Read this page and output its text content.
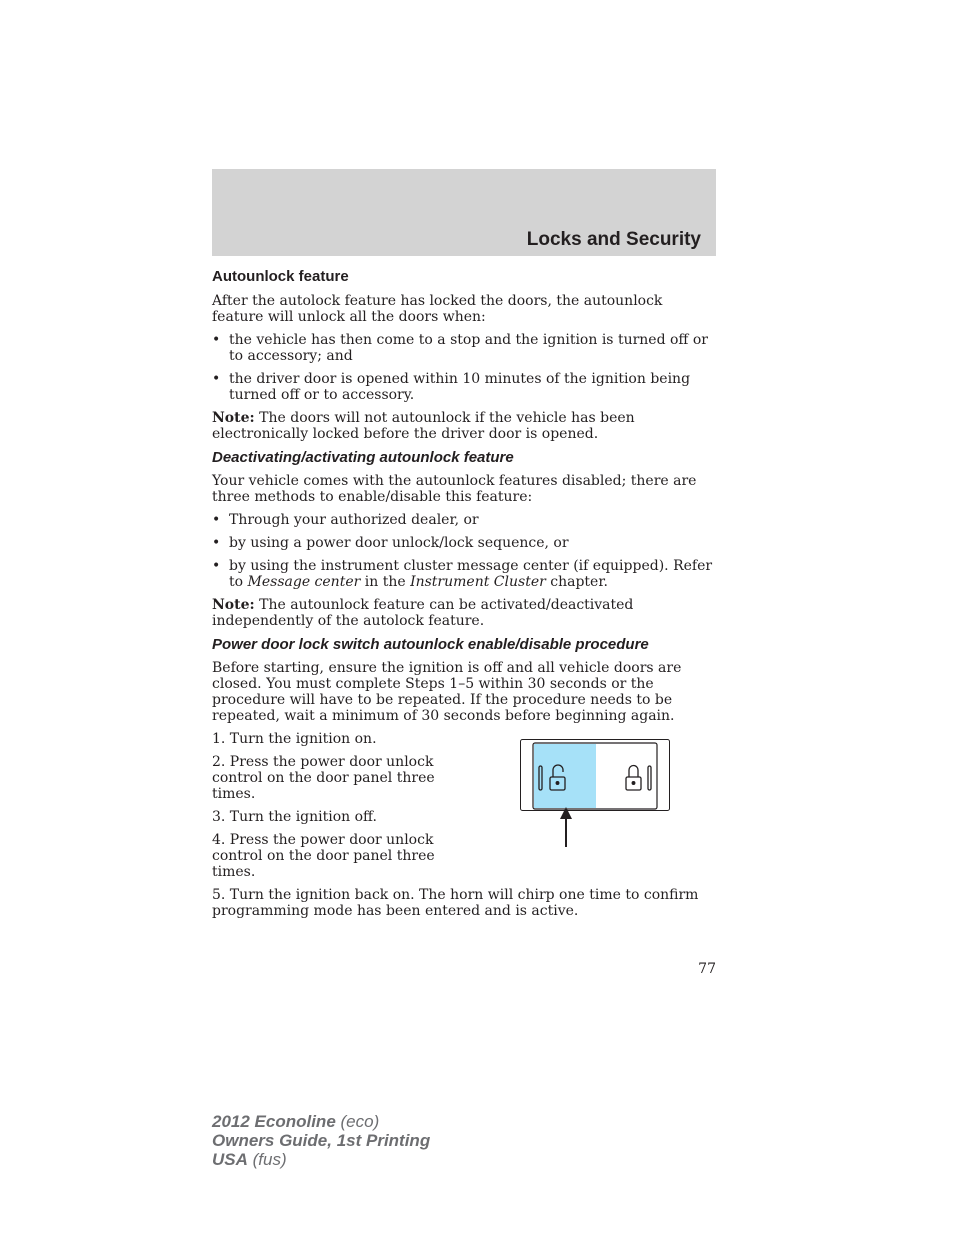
Locks and Security
Autounlock feature

After the autolock feature has locked the doors, the autounlock feature will unlock all the doors when:

• the vehicle has then come to a stop and the ignition is turned off or to accessory; and
• the driver door is opened within 10 minutes of the ignition being turned off or to accessory.

Note: The doors will not autounlock if the vehicle has been electronically locked before the driver door is opened.

Deactivating/activating autounlock feature

Your vehicle comes with the autounlock features disabled; there are three methods to enable/disable this feature:

• Through your authorized dealer, or
• by using a power door unlock/lock sequence, or
• by using the instrument cluster message center (if equipped). Refer to Message center in the Instrument Cluster chapter.

Note: The autounlock feature can be activated/deactivated independently of the autolock feature.

Power door lock switch autounlock enable/disable procedure

Before starting, ensure the ignition is off and all vehicle doors are closed. You must complete Steps 1–5 within 30 seconds or the procedure will have to be repeated. If the procedure needs to be repeated, wait a minimum of 30 seconds before beginning again.

1. Turn the ignition on.

2. Press the power door unlock control on the door panel three times.

3. Turn the ignition off.

4. Press the power door unlock control on the door panel three times.

5. Turn the ignition back on. The horn will chirp one time to confirm programming mode has been entered and is active.

77
2012 Econoline (eco)
Owners Guide, 1st Printing
USA (fus)
